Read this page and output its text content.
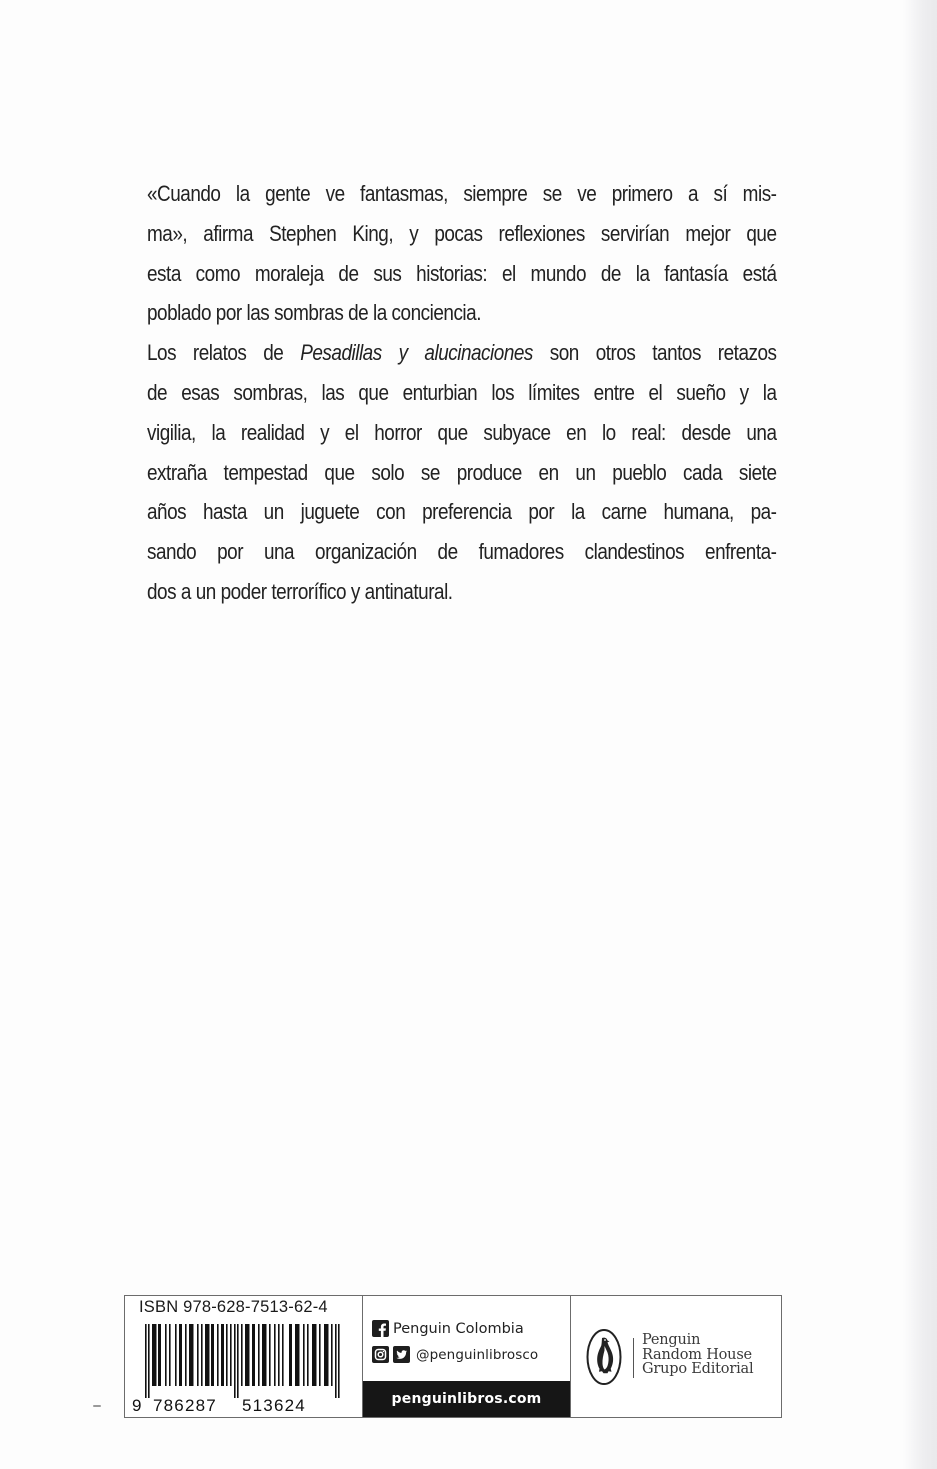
«Cuando la gente ve fantasmas, siempre se ve primero a sí mis-
ma», afirma Stephen King, y pocas reflexiones servirían mejor que
esta como moraleja de sus historias: el mundo de la fantasía está
poblado por las sombras de la conciencia.

Los relatos de Pesadillas y alucinaciones son otros tantos retazos
de esas sombras, las que enturbian los límites entre el sueño y la
vigilia, la realidad y el horror que subyace en lo real: desde una
extraña tempestad que solo se produce en un pueblo cada siete
años hasta un juguete con preferencia por la carne humana, pa-
sando por una organización de fumadores clandestinos enfrenta-
dos a un poder terrorífico y antinatural.

ISBN 978-628-7513-62-4
9 786287 513624
Penguin Colombia
@penguinlibrosco
penguinlibros.com
Penguin
Random House
Grupo Editorial
